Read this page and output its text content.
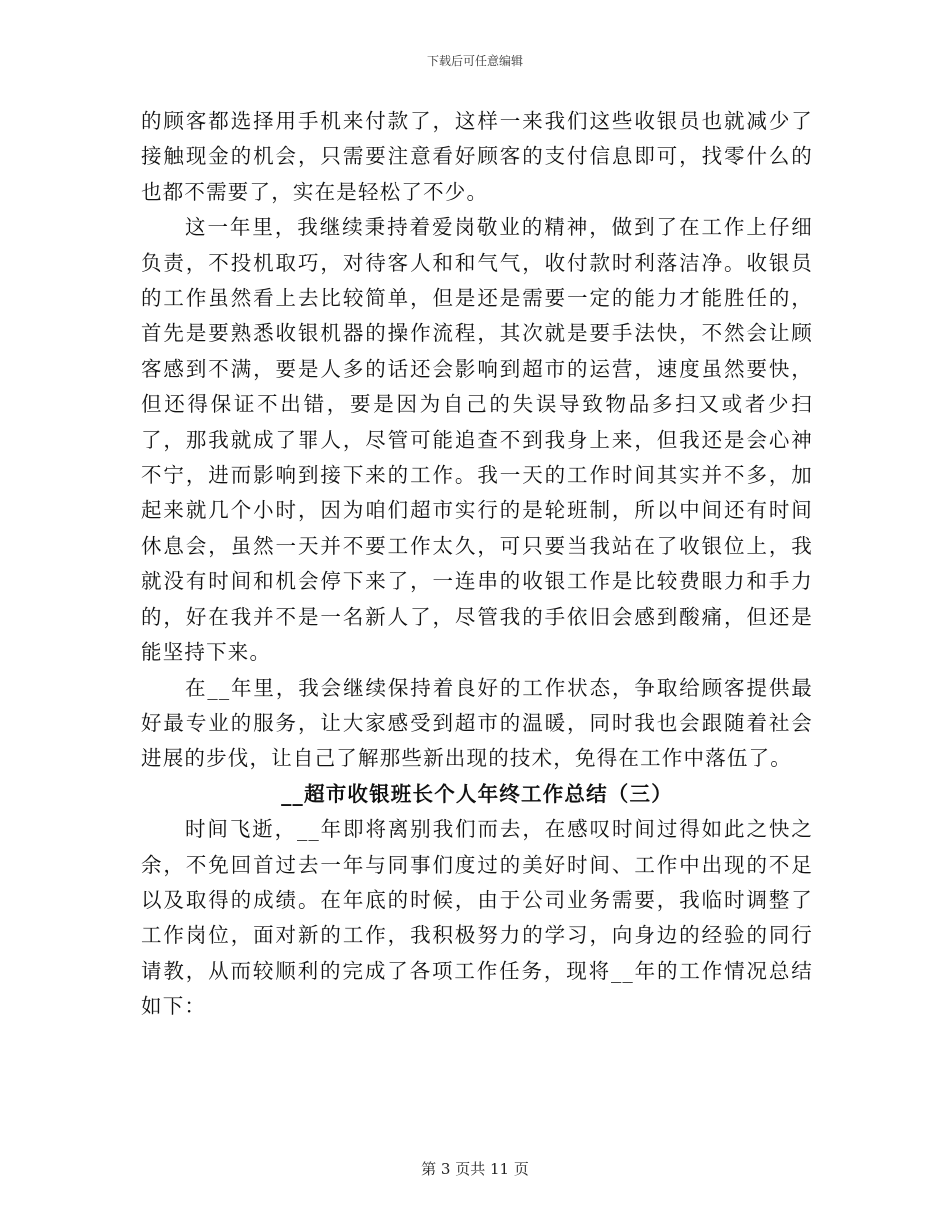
下载后可任意编辑

的顾客都选择用手机来付款了，这样一来我们这些收银员也就减少了接触现金的机会，只需要注意看好顾客的支付信息即可，找零什么的也都不需要了，实在是轻松了不少。

这一年里，我继续秉持着爱岗敬业的精神，做到了在工作上仔细负责，不投机取巧，对待客人和和气气，收付款时利落洁净。收银员的工作虽然看上去比较简单，但是还是需要一定的能力才能胜任的，首先是要熟悉收银机器的操作流程，其次就是要手法快，不然会让顾客感到不满，要是人多的话还会影响到超市的运营，速度虽然要快，但还得保证不出错，要是因为自己的失误导致物品多扫又或者少扫了，那我就成了罪人，尽管可能追查不到我身上来，但我还是会心神不宁，进而影响到接下来的工作。我一天的工作时间其实并不多，加起来就几个小时，因为咱们超市实行的是轮班制，所以中间还有时间休息会，虽然一天并不要工作太久，可只要当我站在了收银位上，我就没有时间和机会停下来了，一连串的收银工作是比较费眼力和手力的，好在我并不是一名新人了，尽管我的手依旧会感到酸痛，但还是能坚持下来。

在__年里，我会继续保持着良好的工作状态，争取给顾客提供最好最专业的服务，让大家感受到超市的温暖，同时我也会跟随着社会进展的步伐，让自己了解那些新出现的技术，免得在工作中落伍了。

__超市收银班长个人年终工作总结（三）

时间飞逝，__年即将离别我们而去，在感叹时间过得如此之快之余，不免回首过去一年与同事们度过的美好时间、工作中出现的不足以及取得的成绩。在年底的时候，由于公司业务需要，我临时调整了工作岗位，面对新的工作，我积极努力的学习，向身边的经验的同行请教，从而较顺利的完成了各项工作任务，现将__年的工作情况总结如下：

第 3 页共 11 页
